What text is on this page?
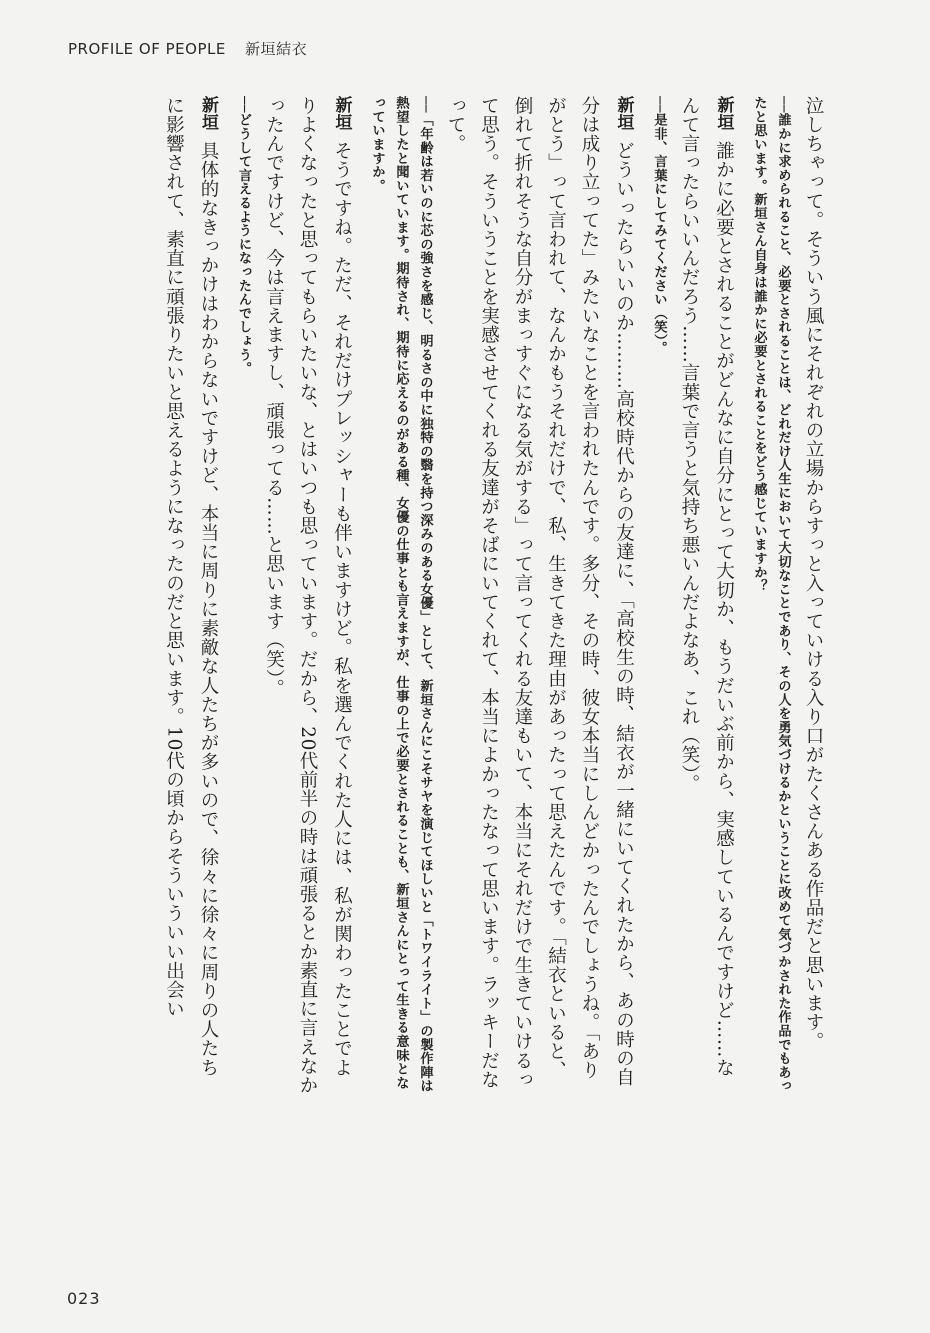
PROFILE OF PEOPLE 新垣結衣

泣しちゃって。そういう風にそれぞれの立場からすっと入っていける入り口がたくさんある作品だと思います。

──誰かに求められること、必要とされることは、どれだけ人生において大切なことであり、その人を勇気づけるかということに改めて気づかされた作品でもあったと思います。新垣さん自身は誰かに必要とされることをどう感じていますか？

新垣誰かに必要とされることがどんなに自分にとって大切か、もうだいぶ前から、実感しているんですけど……なんて言ったらいいんだろう……言葉で言うと気持ち悪いんだよなあ、これ（笑）。

──是非、言葉にしてみてください（笑）。

新垣どういったらいいのか………高校時代からの友達に、「高校生の時、結衣が一緒にいてくれたから、あの時の自分は成り立ってた」みたいなことを言われたんです。多分、その時、彼女本当にしんどかったんでしょうね。「ありがとう」って言われて、なんかもうそれだけで、私、生きてきた理由があったって思えたんです。「結衣といると、倒れて折れそうな自分がまっすぐになる気がする」って言ってくれる友達もいて、本当にそれだけで生きていけるって思う。そういうことを実感させてくれる友達がそばにいてくれて、本当によかったなって思います。ラッキーだなって。

──「年齢は若いのに芯の強さを感じ、明るさの中に独特の翳を持つ深みのある女優」として、新垣さんにこそサヤを演じてほしいと「トワイライト」の製作陣は熱望したと聞いています。期待され、期待に応えるのがある種、女優の仕事とも言えますが、仕事の上で必要とされることも、新垣さんにとって生きる意味となっていますか。

新垣そうですね。ただ、それだけプレッシャーも伴いますけど。私を選んでくれた人には、私が関わったことでよりよくなったと思ってもらいたいな、とはいつも思っています。だから、20代前半の時は頑張るとか素直に言えなかったんですけど、今は言えますし、頑張ってる……と思います（笑）。

──どうして言えるようになったんでしょう。

新垣具体的なきっかけはわからないですけど、本当に周りに素敵な人たちが多いので、徐々に徐々に周りの人たちに影響されて、素直に頑張りたいと思えるようになったのだと思います。10代の頃からそういういい出会い

023
